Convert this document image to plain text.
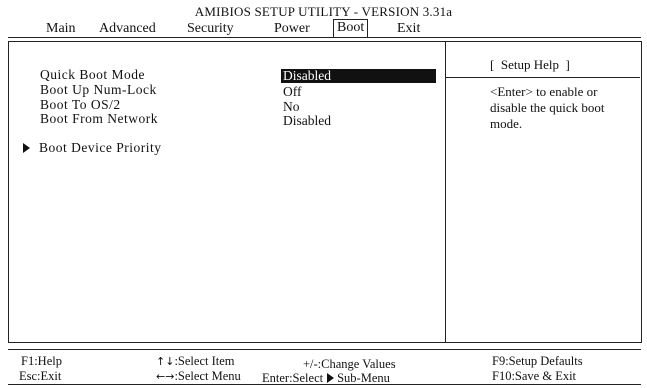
AMIBIOS SETUP UTILITY - VERSION 3.31a
Main Advanced Security	Power Boot Exit
Quick Boot Mode	Disabled
Boot Up Num-Lock	Off
Boot To OS/2	No
Boot From Network	Disabled
Boot Device Priority
[  Setup Help  ]
<Enter> to enable or
disable the quick boot
mode.
F1:Help
Esc:Exit
↑↓:Select Item
←→:Select Menu
+/-:Change Values
Enter:Select Sub-Menu
F9:Setup Defaults
F10:Save & Exit
